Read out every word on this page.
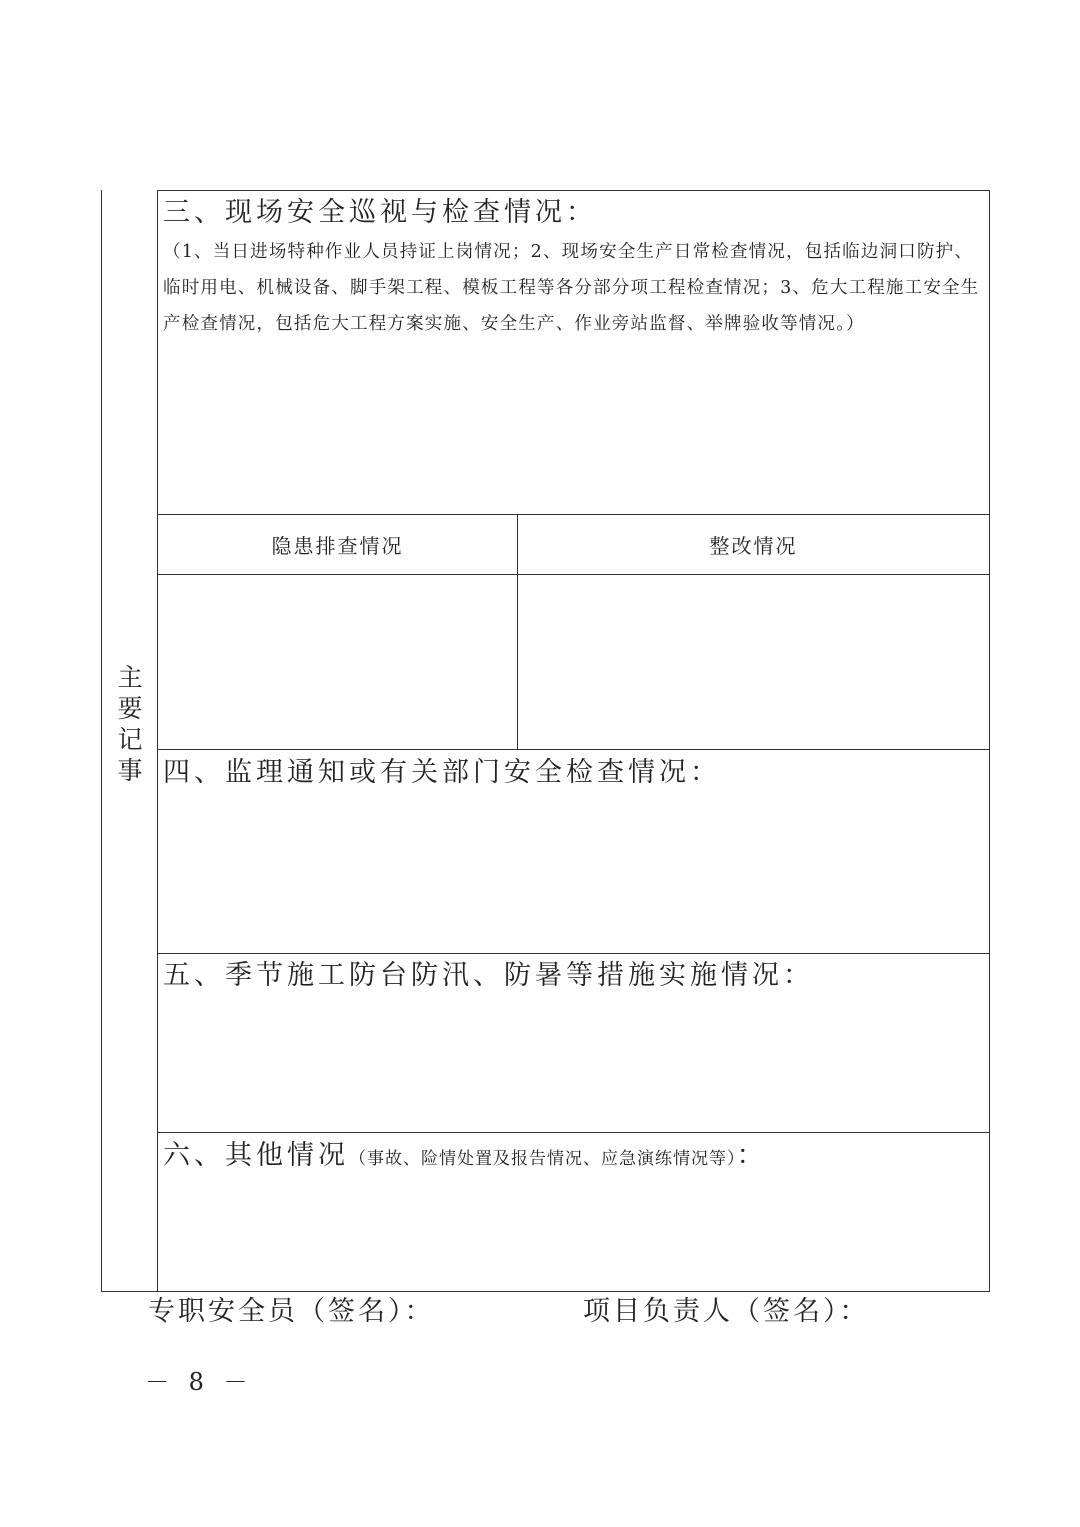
主
要
记
事
三、现场安全巡视与检查情况：
（1、当日进场特种作业人员持证上岗情况；2、现场安全生产日常检查情况，包括临边洞口防护、临时用电、机械设备、脚手架工程、模板工程等各分部分项工程检查情况；3、危大工程施工安全生产检查情况，包括危大工程方案实施、安全生产、作业旁站监督、举牌验收等情况。）
隐患排查情况	整改情况
四、监理通知或有关部门安全检查情况：
五、季节施工防台防汛、防暑等措施实施情况：
六、其他情况（事故、险情处置及报告情况、应急演练情况等）：
专职安全员（签名）：	项目负责人（签名）：
－ 8 －
